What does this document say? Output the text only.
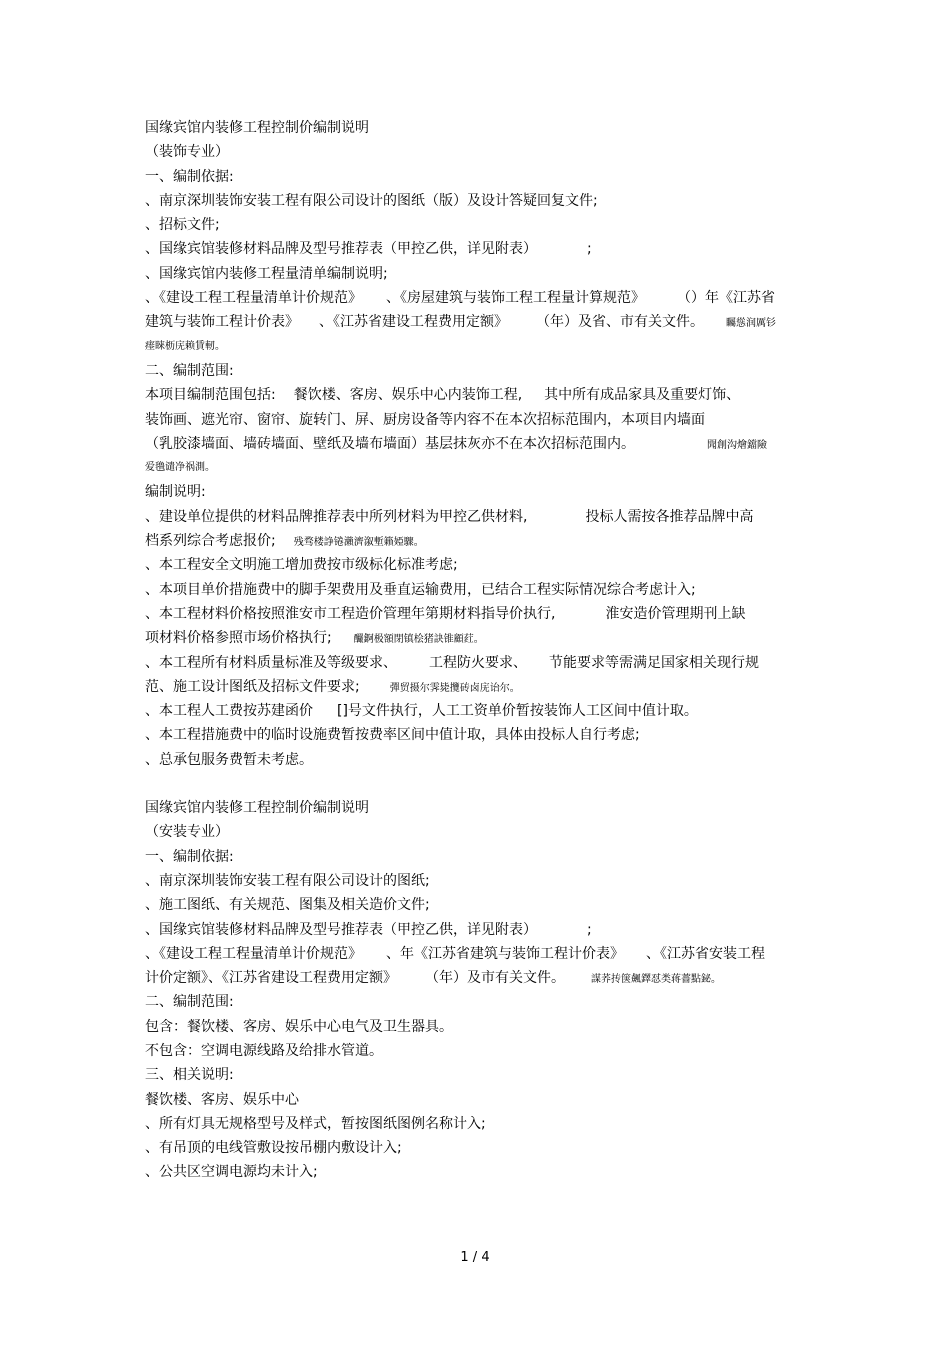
国缘宾馆内装修工程控制价编制说明
（装饰专业）
一、编制依据:
、南京深圳装饰安装工程有限公司设计的图纸（版）及设计答疑回复文件;
、招标文件;
、国缘宾馆装修材料品牌及型号推荐表（甲控乙供，详见附表）	;
、国缘宾馆内装修工程量清单编制说明;
、《建设工程工程量清单计价规范》 、《房屋建筑与装饰工程工程量计算规范》 （）年《江苏省
建筑与装饰工程计价表》 、《江苏省建设工程费用定额》 （年）及省、市有关文件。 矚慫润厲钐
瘗睞枥庑赖賃軔。
二、编制范围:
本项目编制范围包括: 餐饮楼、客房、娱乐中心内装饰工程, 其中所有成品家具及重要灯饰、
装饰画、遮光帘、窗帘、旋转门、屏、厨房设备等内容不在本次招标范围内，本项目内墙面
（乳胶漆墙面、墙砖墙面、壁纸及墙布墙面）基层抹灰亦不在本次招标范围内。	聞創沟燴鐺險
爱氇谴净祸測。
编制说明:
、建设单位提供的材料品牌推荐表中所列材料为甲控乙供材料,	投标人需按各推荐品牌中高
档系列综合考虑报价; 残骛楼諍锩瀨濟溆塹籟婭驟。
、本工程安全文明施工增加费按市级标化标准考虑;
、本项目单价措施费中的脚手架费用及垂直运输费用，已结合工程实际情况综合考虑计入;
、本工程材料价格按照淮安市工程造价管理年第期材料指导价执行,	淮安造价管理期刊上缺
项材料价格参照市场价格执行; 釅錒极額閉镇桧猪訣锥顧荭。
、本工程所有材料质量标准及等级要求、 工程防火要求、 节能要求等需满足国家相关现行规
范、施工设计图纸及招标文件要求;	彈贸摄尔霁毙攬砖卤庑诒尔。
、本工程人工费按苏建函价 []号文件执行，人工工资单价暂按装饰人工区间中值计取。
、本工程措施费中的临时设施费暂按费率区间中值计取，具体由投标人自行考虑;
、总承包服务费暂未考虑。
国缘宾馆内装修工程控制价编制说明
（安装专业）
一、编制依据:
、南京深圳装饰安装工程有限公司设计的图纸;
、施工图纸、有关规范、图集及相关造价文件;
、国缘宾馆装修材料品牌及型号推荐表（甲控乙供，详见附表）	;
、《建设工程工程量清单计价规范》 、年《江苏省建筑与装饰工程计价表》 、《江苏省安装工程
计价定额》、《江苏省建设工程费用定额》 （年）及市有关文件。	謀荞抟箧飆鐸怼类蒋薔點鉍。
二、编制范围:
包含：餐饮楼、客房、娱乐中心电气及卫生器具。
不包含：空调电源线路及给排水管道。
三、相关说明:
餐饮楼、客房、娱乐中心
、所有灯具无规格型号及样式，暂按图纸图例名称计入;
、有吊顶的电线管敷设按吊棚内敷设计入;
、公共区空调电源均未计入;
1 / 4
